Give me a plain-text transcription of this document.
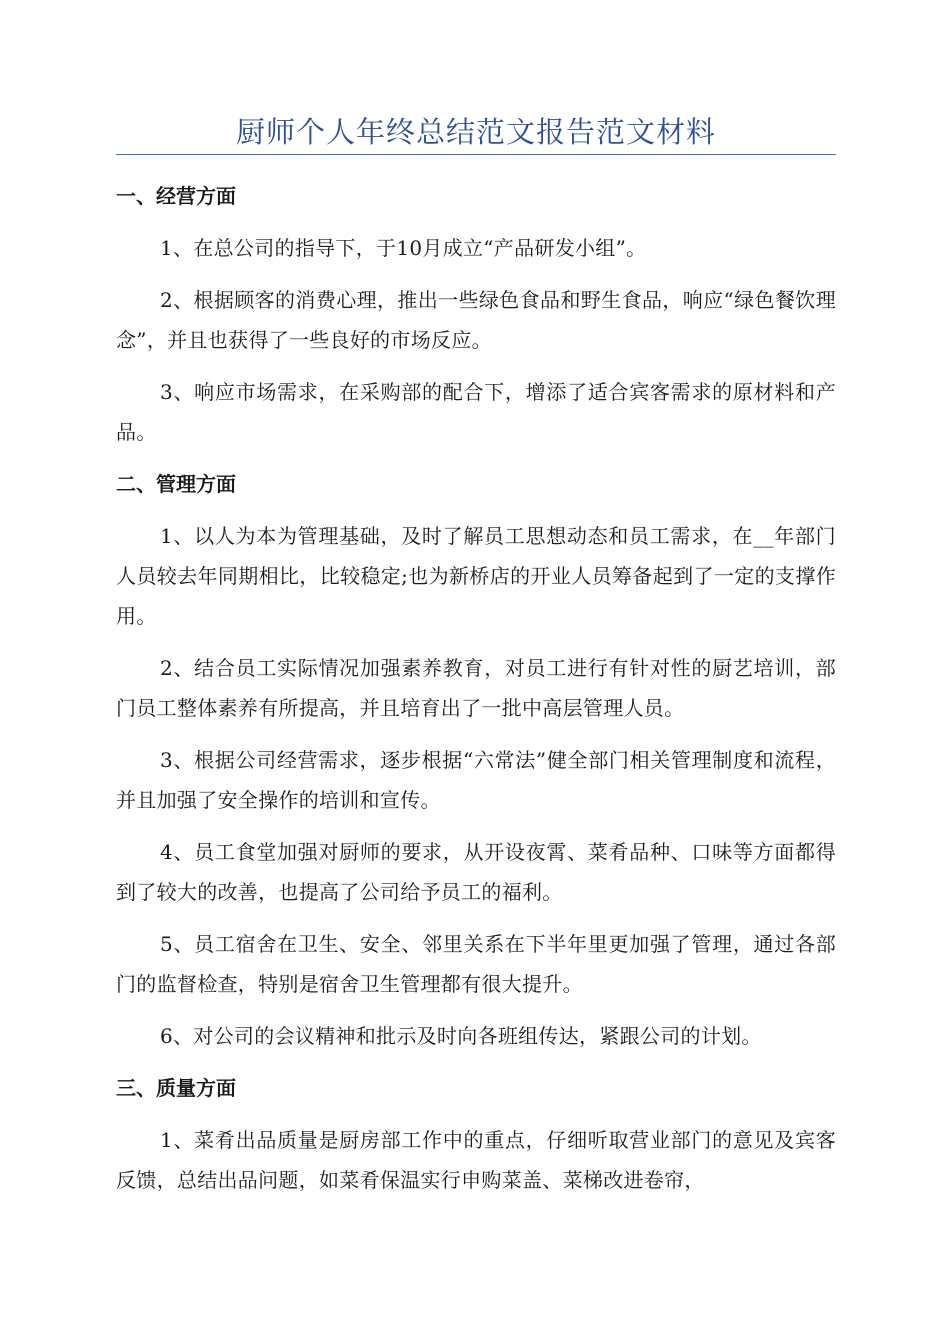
厨师个人年终总结范文报告范文材料

一、经营方面

1、在总公司的指导下，于10月成立“产品研发小组”。

2、根据顾客的消费心理，推出一些绿色食品和野生食品，响应“绿色餐饮理念”，并且也获得了一些良好的市场反应。

3、响应市场需求，在采购部的配合下，增添了适合宾客需求的原材料和产品。

二、管理方面

1、以人为本为管理基础，及时了解员工思想动态和员工需求，在__年部门人员较去年同期相比，比较稳定;也为新桥店的开业人员筹备起到了一定的支撑作用。

2、结合员工实际情况加强素养教育，对员工进行有针对性的厨艺培训，部门员工整体素养有所提高，并且培育出了一批中高层管理人员。

3、根据公司经营需求，逐步根据“六常法”健全部门相关管理制度和流程，并且加强了安全操作的培训和宣传。

4、员工食堂加强对厨师的要求，从开设夜霄、菜肴品种、口味等方面都得到了较大的改善，也提高了公司给予员工的福利。

5、员工宿舍在卫生、安全、邻里关系在下半年里更加强了管理，通过各部门的监督检查，特别是宿舍卫生管理都有很大提升。

6、对公司的会议精神和批示及时向各班组传达，紧跟公司的计划。

三、质量方面

1、菜肴出品质量是厨房部工作中的重点，仔细听取营业部门的意见及宾客反馈，总结出品问题，如菜肴保温实行申购菜盖、菜梯改进卷帘，
